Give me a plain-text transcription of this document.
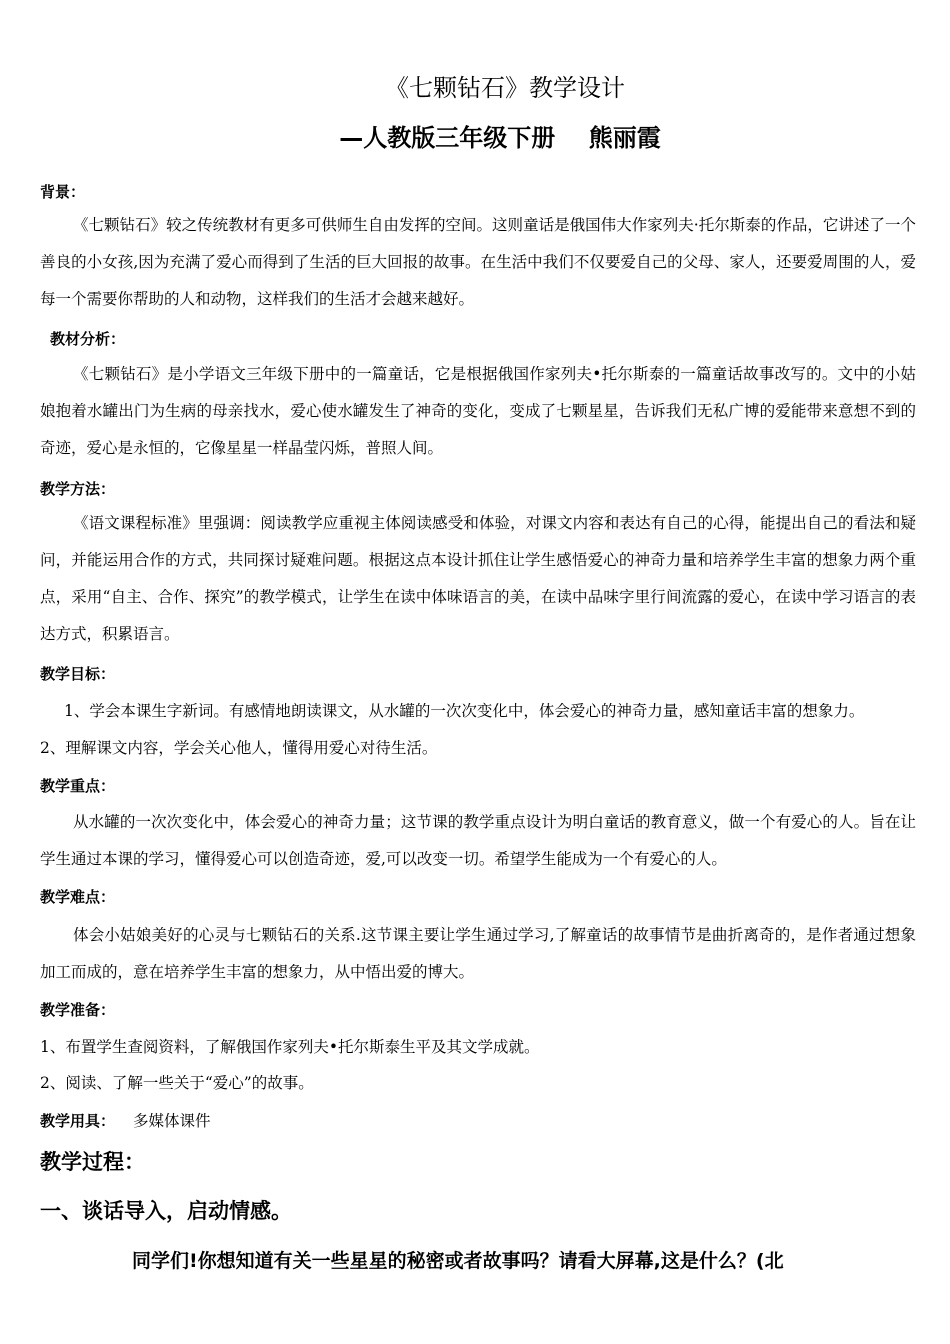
《七颗钻石》教学设计
—人教版三年级下册    熊丽霞
背景：
《七颗钻石》较之传统教材有更多可供师生自由发挥的空间。这则童话是俄国伟大作家列夫·托尔斯泰的作品，它讲述了一个善良的小女孩,因为充满了爱心而得到了生活的巨大回报的故事。在生活中我们不仅要爱自己的父母、家人，还要爱周围的人，爱每一个需要你帮助的人和动物，这样我们的生活才会越来越好。
教材分析：
《七颗钻石》是小学语文三年级下册中的一篇童话，它是根据俄国作家列夫•托尔斯泰的一篇童话故事改写的。文中的小姑娘抱着水罐出门为生病的母亲找水，爱心使水罐发生了神奇的变化，变成了七颗星星，告诉我们无私广博的爱能带来意想不到的奇迹，爱心是永恒的，它像星星一样晶莹闪烁，普照人间。
教学方法：
《语文课程标准》里强调：阅读教学应重视主体阅读感受和体验，对课文内容和表达有自己的心得，能提出自己的看法和疑问，并能运用合作的方式，共同探讨疑难问题。根据这点本设计抓住让学生感悟爱心的神奇力量和培养学生丰富的想象力两个重点，采用“自主、合作、探究”的教学模式，让学生在读中体味语言的美，在读中品味字里行间流露的爱心，在读中学习语言的表达方式，积累语言。
教学目标：
1、学会本课生字新词。有感情地朗读课文，从水罐的一次次变化中，体会爱心的神奇力量，感知童话丰富的想象力。
2、理解课文内容，学会关心他人，懂得用爱心对待生活。
教学重点：
从水罐的一次次变化中，体会爱心的神奇力量；这节课的教学重点设计为明白童话的教育意义，做一个有爱心的人。旨在让学生通过本课的学习，懂得爱心可以创造奇迹，爱,可以改变一切。希望学生能成为一个有爱心的人。
教学难点：
体会小姑娘美好的心灵与七颗钻石的关系.这节课主要让学生通过学习,了解童话的故事情节是曲折离奇的，是作者通过想象加工而成的，意在培养学生丰富的想象力，从中悟出爱的博大。
教学准备：
1、布置学生查阅资料，了解俄国作家列夫•托尔斯泰生平及其文学成就。
2、阅读、了解一些关于“爱心”的故事。
教学用具： 多媒体课件
教学过程：
一、谈话导入，启动情感。
同学们!你想知道有关一些星星的秘密或者故事吗？请看大屏幕,这是什么？(北
